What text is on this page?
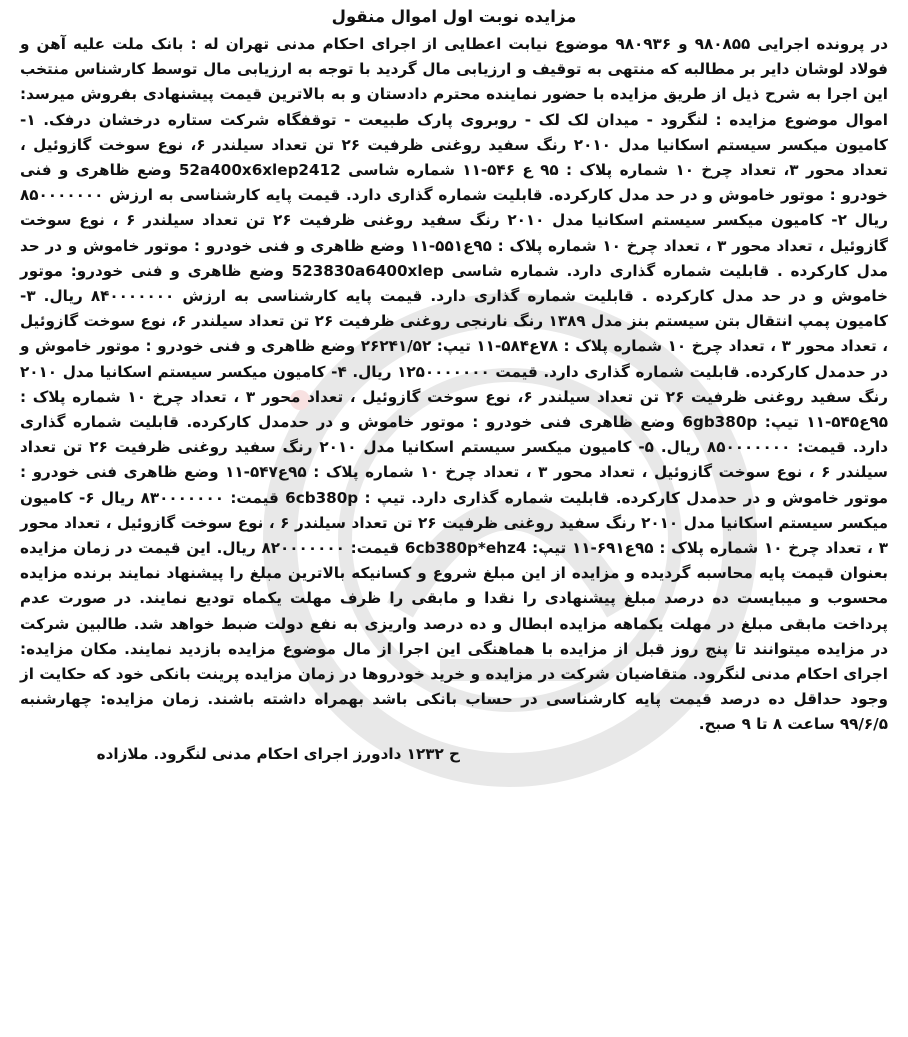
مزایده نوبت اول اموال منقول

در پرونده اجرایی ۹۸۰۸۵۵ و ۹۸۰۹۳۶ موضوع نیابت اعطایی از اجرای احکام مدنی تهران له : بانک ملت علیه آهن و فولاد لوشان دایر بر مطالبه که منتهی به توقیف و ارزیابی مال گردید با توجه به ارزیابی مال توسط کارشناس منتخب این اجرا به شرح ذیل از طریق مزایده با حضور نماینده محترم دادستان و به بالاترین قیمت پیشنهادی بفروش میرسد: اموال موضوع مزایده : لنگرود - میدان لک لک - روبروی پارک طبیعت - توقفگاه شرکت ستاره درخشان درفک. ۱- کامیون میکسر سیستم اسکانیا مدل ۲۰۱۰ رنگ سفید روغنی ظرفیت ۲۶ تن تعداد سیلندر ۶، نوع سوخت گازوئیل ، تعداد محور ۳، تعداد چرخ ۱۰ شماره پلاک : ۹۵ ع ۵۴۶-۱۱ شماره شاسی 52a400x6xlep2412 وضع ظاهری و فنی خودرو : موتور خاموش و در حد مدل کارکرده. قابلیت شماره گذاری دارد. قیمت پایه کارشناسی به ارزش ۸۵۰۰۰۰۰۰۰ ریال ۲- کامیون میکسر سیستم اسکانیا مدل ۲۰۱۰ رنگ سفید روغنی ظرفیت ۲۶ تن تعداد سیلندر ۶ ، نوع سوخت گازوئیل ، تعداد محور ۳ ، تعداد چرخ ۱۰ شماره پلاک : ۹۵ع۵۵۱-۱۱ وضع ظاهری و فنی خودرو : موتور خاموش و در حد مدل کارکرده . قابلیت شماره گذاری دارد. شماره شاسی 523830a6400xlep وضع ظاهری و فنی خودرو: موتور خاموش و در حد مدل کارکرده . قابلیت شماره گذاری دارد. قیمت پایه کارشناسی به ارزش ۸۴۰۰۰۰۰۰۰ ریال. ۳- کامیون پمپ انتقال بتن سیستم بنز مدل ۱۳۸۹ رنگ نارنجی روغنی ظرفیت ۲۶ تن تعداد سیلندر ۶، نوع سوخت گازوئیل ، تعداد محور ۳ ، تعداد چرخ ۱۰ شماره پلاک : ۷۸ع۵۸۴-۱۱ تیپ: ۲۶۲۴۱/۵۲ وضع ظاهری و فنی خودرو : موتور خاموش و در حدمدل کارکرده. قابلیت شماره گذاری دارد. قیمت ۱۲۵۰۰۰۰۰۰۰ ریال. ۴- کامیون میکسر سیستم اسکانیا مدل ۲۰۱۰ رنگ سفید روغنی ظرفیت ۲۶ تن تعداد سیلندر ۶، نوع سوخت گازوئیل ، تعداد محور ۳ ، تعداد چرخ ۱۰ شماره پلاک : ۹۵ع۵۴۵-۱۱ تیپ: 6gb380p وضع ظاهری فنی خودرو : موتور خاموش و در حدمدل کارکرده. قابلیت شماره گذاری دارد. قیمت: ۸۵۰۰۰۰۰۰۰ ریال. ۵- کامیون میکسر سیستم اسکانیا مدل ۲۰۱۰ رنگ سفید روغنی ظرفیت ۲۶ تن تعداد سیلندر ۶ ، نوع سوخت گازوئیل ، تعداد محور ۳ ، تعداد چرخ ۱۰ شماره پلاک : ۹۵ع۵۴۷-۱۱ وضع ظاهری فنی خودرو : موتور خاموش و در حدمدل کارکرده. قابلیت شماره گذاری دارد. تیپ : 6cb380p قیمت: ۸۳۰۰۰۰۰۰۰ ریال ۶- کامیون میکسر سیستم اسکانیا مدل ۲۰۱۰ رنگ سفید روغنی ظرفیت ۲۶ تن تعداد سیلندر ۶ ، نوع سوخت گازوئیل ، تعداد محور ۳ ، تعداد چرخ ۱۰ شماره پلاک : ۹۵ع۶۹۱-۱۱ تیپ: 6cb380p*ehz4 قیمت: ۸۲۰۰۰۰۰۰۰ ریال. این قیمت در زمان مزایده بعنوان قیمت پایه محاسبه گردیده و مزایده از این مبلغ شروع و کسانیکه بالاترین مبلغ را پیشنهاد نمایند برنده مزایده محسوب و میبایست ده درصد مبلغ پیشنهادی را نقدا و مابقی را ظرف مهلت یکماه تودیع نمایند. در صورت عدم پرداخت مابقی مبلغ در مهلت یکماهه مزایده ابطال و ده درصد واریزی به نفع دولت ضبط خواهد شد. طالبین شرکت در مزایده میتوانند تا پنج روز قبل از مزایده با هماهنگی این اجرا از مال موضوع مزایده بازدید نمایند. مکان مزایده: اجرای احکام مدنی لنگرود. متقاضیان شرکت در مزایده و خرید خودروها در زمان مزایده پرینت بانکی خود که حکایت از وجود حداقل ده درصد قیمت پایه کارشناسی در حساب بانکی باشد بهمراه داشته باشند. زمان مزایده: چهارشنبه ۹۹/۶/۵ ساعت ۸ تا ۹ صبح.

ح ۱۲۳۲ دادورز اجرای احکام مدنی لنگرود. ملازاده
